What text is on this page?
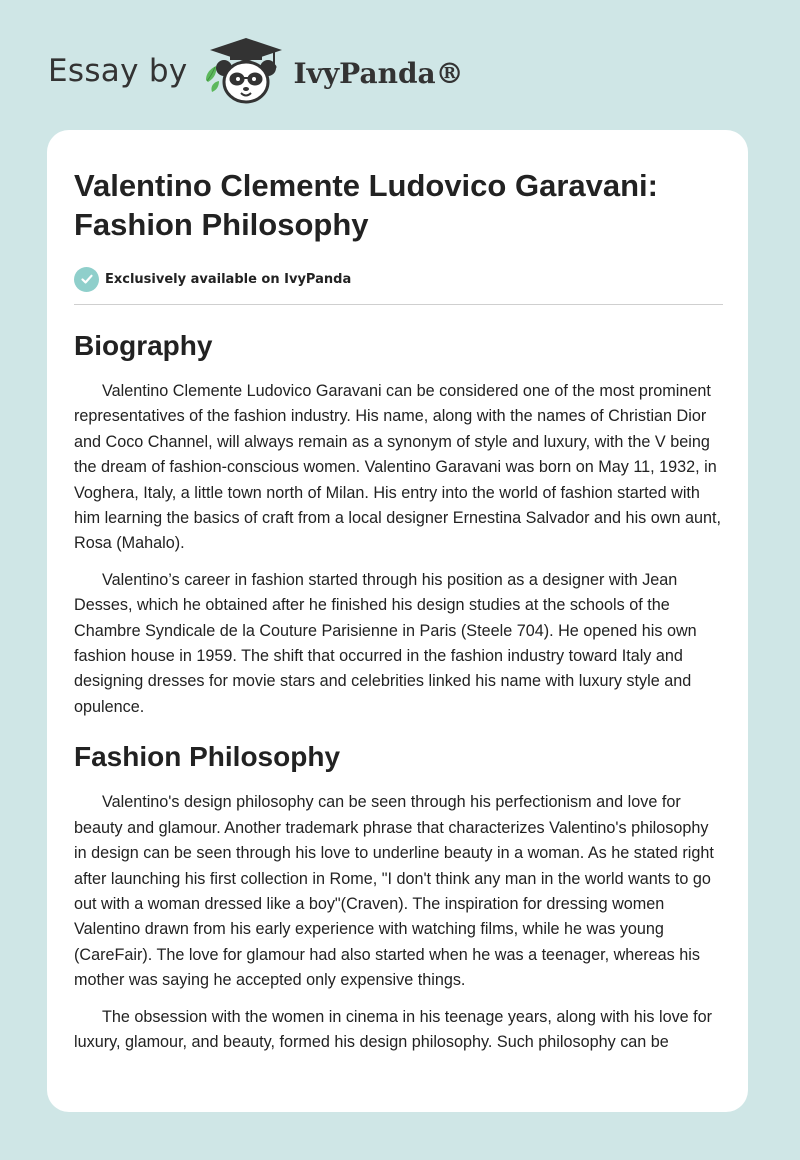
Essay by	IvyPanda®
Valentino Clemente Ludovico Garavani: Fashion Philosophy
Exclusively available on IvyPanda
Biography

Valentino Clemente Ludovico Garavani can be considered one of the most prominent representatives of the fashion industry. His name, along with the names of Christian Dior and Coco Channel, will always remain as a synonym of style and luxury, with the V being the dream of fashion-conscious women. Valentino Garavani was born on May 11, 1932, in Voghera, Italy, a little town north of Milan. His entry into the world of fashion started with him learning the basics of craft from a local designer Ernestina Salvador and his own aunt, Rosa (Mahalo).

Valentino’s career in fashion started through his position as a designer with Jean Desses, which he obtained after he finished his design studies at the schools of the Chambre Syndicale de la Couture Parisienne in Paris (Steele 704). He opened his own fashion house in 1959. The shift that occurred in the fashion industry toward Italy and designing dresses for movie stars and celebrities linked his name with luxury style and opulence.

Fashion Philosophy

Valentino's design philosophy can be seen through his perfectionism and love for beauty and glamour. Another trademark phrase that characterizes Valentino's philosophy in design can be seen through his love to underline beauty in a woman. As he stated right after launching his first collection in Rome, "I don't think any man in the world wants to go out with a woman dressed like a boy"(Craven). The inspiration for dressing women Valentino drawn from his early experience with watching films, while he was young (CareFair). The love for glamour had also started when he was a teenager, whereas his mother was saying he accepted only expensive things.

The obsession with the women in cinema in his teenage years, along with his love for luxury, glamour, and beauty, formed his design philosophy. Such philosophy can be
